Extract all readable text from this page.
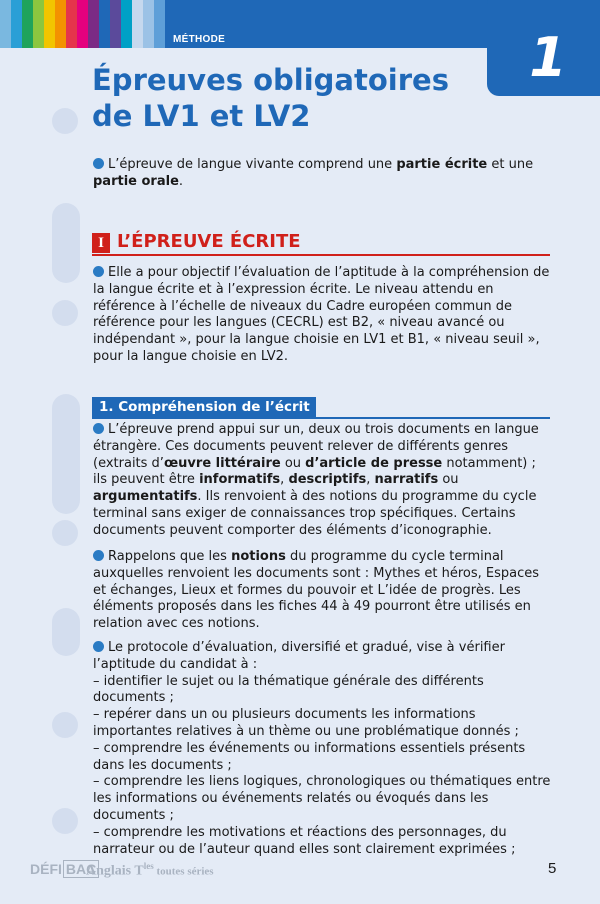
MÉTHODE	1
Épreuves obligatoires
de LV1 et LV2

L’épreuve de langue vivante comprend une partie écrite et une partie orale.

I L’ÉPREUVE ÉCRITE

Elle a pour objectif l’évaluation de l’aptitude à la compréhension de la langue écrite et à l’expression écrite. Le niveau attendu en référence à l’échelle de niveaux du Cadre européen commun de référence pour les langues (CECRL) est B2, « niveau avancé ou indépendant », pour la langue choisie en LV1 et B1, « niveau seuil », pour la langue choisie en LV2.

1. Compréhension de l’écrit

L’épreuve prend appui sur un, deux ou trois documents en langue étrangère. Ces documents peuvent relever de différents genres (extraits d’œuvre littéraire ou d’article de presse notamment) ; ils peuvent être informatifs, descriptifs, narratifs ou argumentatifs. Ils renvoient à des notions du programme du cycle terminal sans exiger de connaissances trop spécifiques. Certains documents peuvent comporter des éléments d’iconographie.

Rappelons que les notions du programme du cycle terminal auxquelles renvoient les documents sont : Mythes et héros, Espaces et échanges, Lieux et formes du pouvoir et L’idée de progrès. Les éléments proposés dans les fiches 44 à 49 pourront être utilisés en relation avec ces notions.

Le protocole d’évaluation, diversifié et gradué, vise à vérifier l’aptitude du candidat à :
– identifier le sujet ou la thématique générale des différents documents ;
– repérer dans un ou plusieurs documents les informations importantes relatives à un thème ou une problématique donnés ;
– comprendre les événements ou informations essentiels présents dans les documents ;
– comprendre les liens logiques, chronologiques ou thématiques entre les informations ou événements relatés ou évoqués dans les documents ;
– comprendre les motivations et réactions des personnages, du narrateur ou de l’auteur quand elles sont clairement exprimées ;
DÉFI BAC
Anglais $T^{les}$ toutes séries	5
